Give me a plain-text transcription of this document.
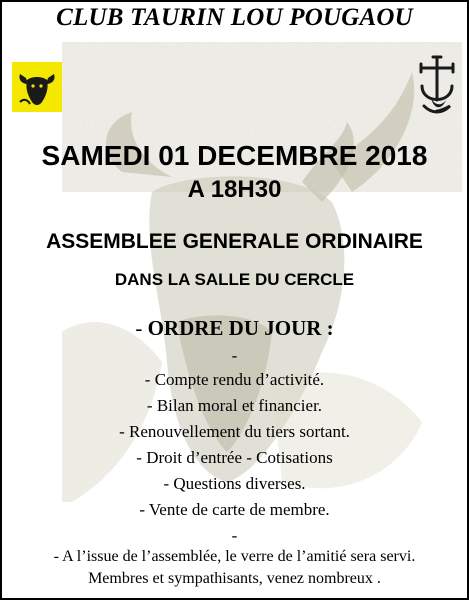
CLUB TAURIN LOU POUGAOU
SAMEDI 01 DECEMBRE 2018
A 18H30
ASSEMBLEE GENERALE ORDINAIRE
DANS LA SALLE DU CERCLE
- ORDRE DU JOUR :
-
- Compte rendu d’activité.
- Bilan moral et financier.
- Renouvellement du tiers sortant.
- Droit d’entrée - Cotisations
- Questions diverses.
- Vente de carte de membre.
-
- A l’issue de l’assemblée, le verre de l’amitié sera servi.
Membres et sympathisants, venez nombreux .
